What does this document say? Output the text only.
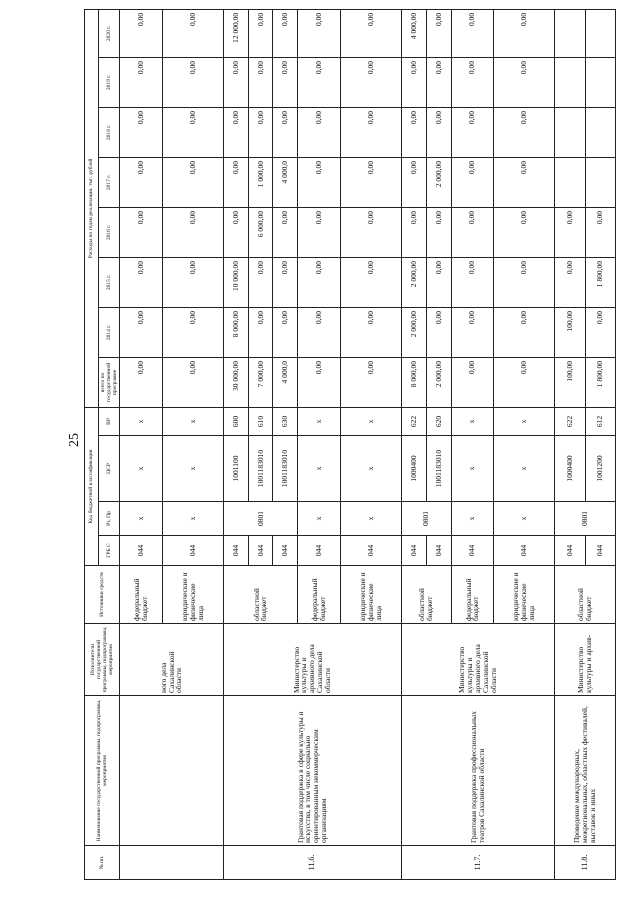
25
№ пп.	Наименование государственной программы, подпрограммы, мероприятия	Исполнители государственной программы, подпрограммы, мероприятия	Источники средств	Код бюджетной классификации				Расходы по годам реализации, тыс. рублей							
				ГРБ С	Рз, Пр	ЦСР	ВР	всего по государственной программе	2014 г.	2015 г.	2016 г.	2017 г.	2018 г.	2019 г.	2020 г.
		ного дела Сахалинской области	федеральный бюджет	044	х	х	х	0,00	0,00	0,00	0,00	0,00	0,00	0,00	0,00
			юридические и физические лица	044	х	х	х	0,00	0,00	0,00	0,00	0,00	0,00	0,00	0,00
11.6.	Грантовая поддержка в сфере культуры и искусства, в том числе социально ориентированным некоммерческим организациям	Министерство культуры и архивного дела Сахалинской области	областной бюджет	044	0801	1001100	600	30 000,00	8 000,00	10 000,00	0,00	0,00	0,00	0,00	12 000,00
				044		1001183010	610	7 000,00	0,00	0,00	6 000,00	1 000,00	0,00	0,00	0,00
				044		1001183010	630	4 000,0	0,00	0,00	0,00	4 000,0	0,00	0,00	0,00
			федеральный бюджет	044	х	х	х	0,00	0,00	0,00	0,00	0,00	0,00	0,00	0,00
			юридические и физические лица	044	х	х	х	0,00	0,00	0,00	0,00	0,00	0,00	0,00	0,00
11.7.	Грантовая поддержка профессиональных театров Сахалинской области	Министерство культуры и архивного дела Сахалинской области	областной бюджет	044	0801	1000400	622	8 000,00	2 000,00	2 000,00	0,00	0,00	0,00	0,00	4 000,00
				044		1001183010	620	2 000,00	0,00	0,00	0,00	2 000,00	0,00	0,00	0,00
			федеральный бюджет	044	х	х	х	0,00	0,00	0,00	0,00	0,00	0,00	0,00	0,00
			юридические и физические лица	044	х	х	х	0,00	0,00	0,00	0,00	0,00	0,00	0,00	0,00
11.8.	Проведение международных, межрегиональных, областных фестивалей, выставок и иных	Министерство культуры и архив-	областной бюджет	044	0801	1000400	622	100,00	100,00	0,00	0,00				
				044		1001200	612	1 800,00	0,00	1 800,00	0,00				
